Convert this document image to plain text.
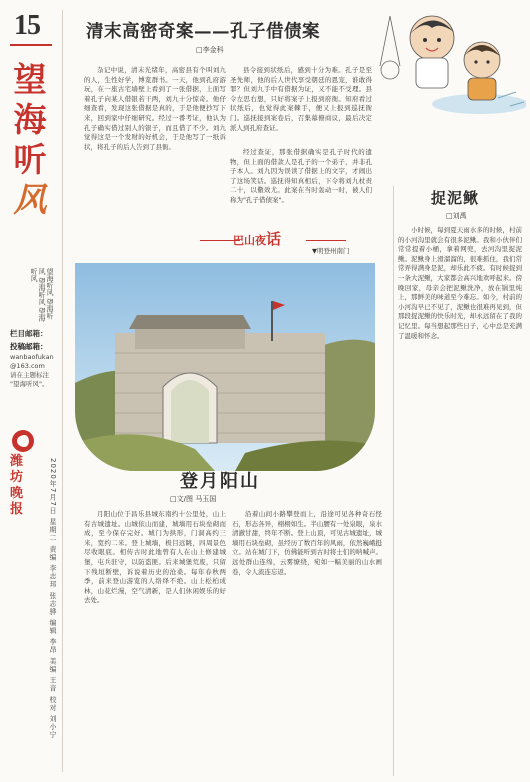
15
望
海
听
风
望海听风 望海听风 望海听风 望海听风
栏目邮箱：
投稿邮箱：
wanbaofukan
@163.com
请在主题标注
"望海听风"。
潍坊晚报	2020年7月7日 星期二 责编 李志邦 张志骅 编辑 李昂 美编 王音 校对 刘小宁
清末高密奇案——孔子借债案
□李金科

杂记中说，清末光绪年，高密县有个叫刘九的人，生性好学，博览群书。一天，他到孔府游玩，在一座古宅墙壁上看到了一张借据，上面写着孔子向某人借银若干两，刘九十分惊奇。他仔细查看，发现这张借据是真的，于是他便抄写下来，回到家中仔细研究。经过一番考证，他认为孔子确实借过别人的银子，而且借了不少。刘九觉得这是一个发财的好机会，于是他写了一纸诉状，将孔子的后人告到了县衙。

县令接到状纸后，感到十分为难。孔子是至圣先师，他的后人世代享受朝廷的恩宠，谁敢得罪？但刘九手中有借据为证，又不能不受理。县令左思右想，只好将案子上报到府衙。知府看过状纸后，也觉得此案棘手，便又上报到巡抚衙门。巡抚接到案卷后，召集幕僚商议，最后决定派人到孔府查证。

经过查证，那张借据确实是孔子时代的遗物，但上面的借款人是孔子的一个弟子，并非孔子本人。刘九因为误读了借据上的文字，才闹出了这场笑话。巡抚得知真相后，下令将刘九杖责二十，以儆效尤。此案在当时轰动一时，被人们称为"孔子借债案"。

巴山夜话
▼明登州南门
登月阳山
□文/图 马玉国

月阳山位于昌乐县城东南约十公里处，山上有古城遗址。山城依山而建，城墙用石块垒砌而成，至今保存完好。城门为拱形，门洞高约三米，宽约二米。登上城墙，极目远眺，四周景色尽收眼底。相传古时此地曾有人在山上修建城堡，屯兵驻守，以防盗匪。后来城堡荒废，只留下残垣断壁，诉说着历史的沧桑。每年春秋两季，前来登山游览的人络绎不绝。山上松柏成林，山花烂漫，空气清新，是人们休闲娱乐的好去处。

沿着山间小路攀登而上，沿途可见各种奇石怪石，形态各异，栩栩如生。半山腰有一处泉眼，泉水清澈甘甜，终年不断。登上山顶，可见古城遗址，城墙用石块垒砌，虽经历了数百年的风雨，依然巍峨挺立。站在城门下，仿佛能听到古时将士们的呐喊声。远处群山连绵，云雾缭绕，宛如一幅美丽的山水画卷，令人流连忘返。

捉泥鳅
□刘禹

小时候，每到夏天雨水多的时候，村前的小河沟里就会有很多泥鳅。我和小伙伴们常常提着小桶，拿着网兜，去河沟里捉泥鳅。泥鳅身上滑溜溜的，很难抓住，我们常常弄得满身是泥，却乐此不疲。有时候捉到一条大泥鳅，大家都会高兴地欢呼起来。傍晚回家，母亲会把泥鳅洗净，放在锅里炖上，那鲜美的味道至今难忘。如今，村前的小河沟早已不见了，泥鳅也很难再见到，但那段捉泥鳅的快乐时光，却永远留在了我的记忆里。每当想起那些日子，心中总是充满了温暖和怀念。
